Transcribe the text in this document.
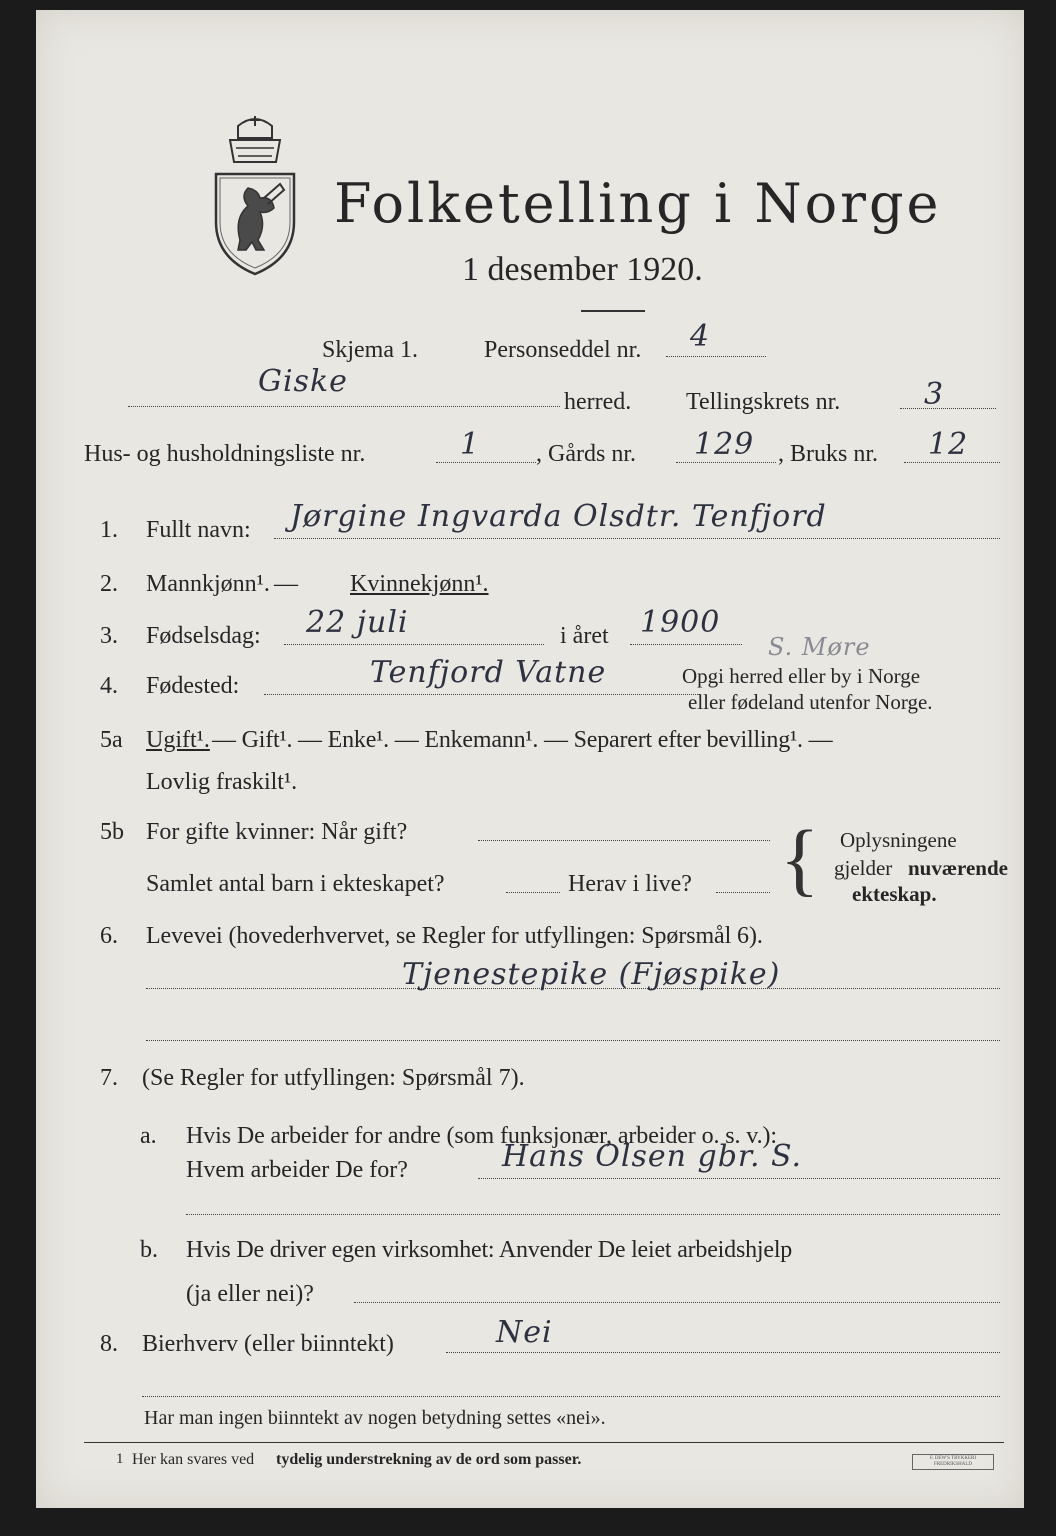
Folketelling i Norge
1 desember 1920.
Skjema 1.	Personseddel nr. 4
Giske
herred. Tellingskrets nr.	3
Hus- og husholdningsliste nr.	1 , Gårds nr. 129 , Bruks nr. 12
1. Fullt navn: Jørgine Ingvarda Olsdtr. Tenfjord
2. Mannkjønn¹. — Kvinnekjønn¹.
3. Fødselsdag: 22 juli	i året 1900
4. Fødested:	Tenfjord Vatne
S. Møre
Opgi herred eller by i Norge
eller fødeland utenfor Norge.
5a Ugift¹. — Gift¹. — Enke¹. — Enkemann¹. — Separert efter bevilling¹. —
Lovlig fraskilt¹.
5b For gifte kvinner: Når gift?
Samlet antal barn i ekteskapet?	Herav i live? { Oplysningene
gjelder nuværende
ekteskap.
6. Levevei (hovederhvervet, se Regler for utfyllingen: Spørsmål 6).
Tjenestepike (Fjøspike)
7. (Se Regler for utfyllingen: Spørsmål 7).
a. Hvis De arbeider for andre (som funksjonær, arbeider o. s. v.):
Hvem arbeider De for?	Hans Olsen gbr. S.
b. Hvis De driver egen virksomhet: Anvender De leiet arbeidshjelp
(ja eller nei)?
8. Bierhverv (eller biinntekt)	Nei
Har man ingen biinntekt av nogen betydning settes «nei».
1 Her kan svares ved tydelig understrekning av de ord som passer.	F. DEW'S TRYKKERI FREDRIKSHALD
